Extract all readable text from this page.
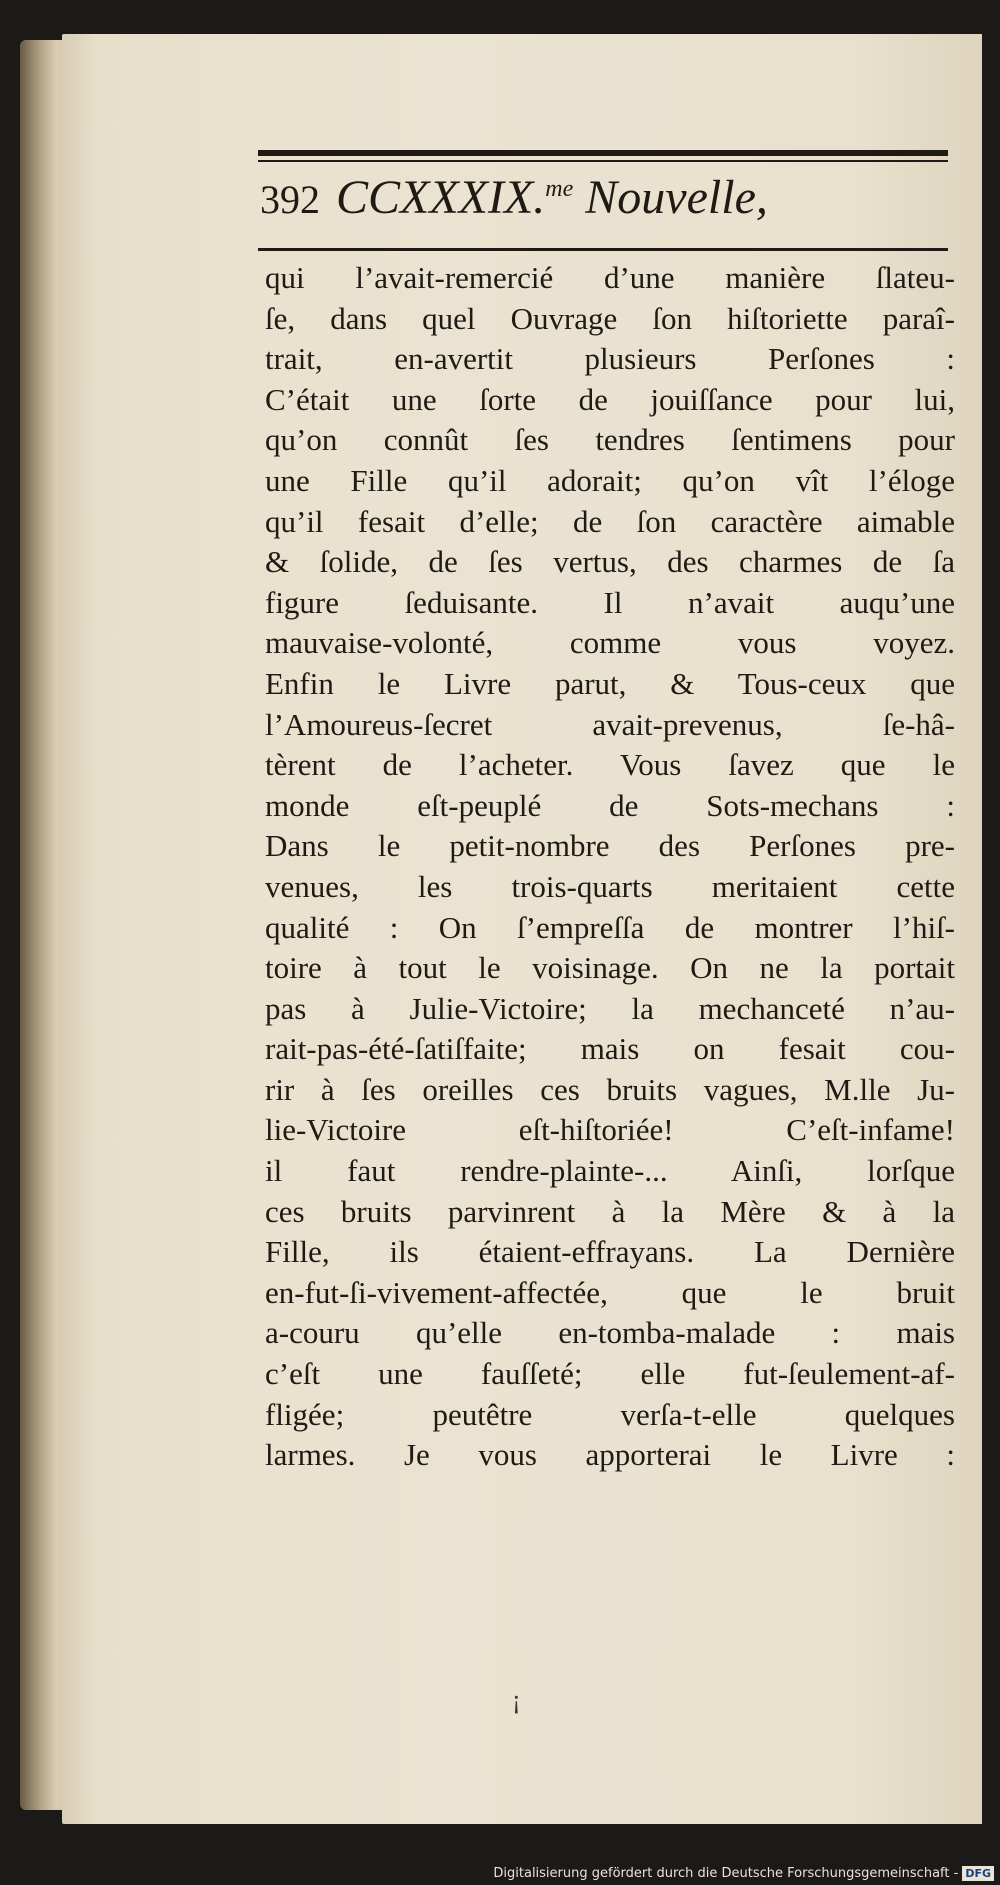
392 CCXXXIX.$^{me}$ Nouvelle,
qui l’avait-remercié d’une manière ſlateu-
ſe, dans quel Ouvrage ſon hiſtoriette paraî-
trait, en-avertit plusieurs Perſones :
C’était une ſorte de jouiſſance pour lui,
qu’on connût ſes tendres ſentimens pour
une Fille qu’il adorait; qu’on vît l’éloge
qu’il fesait d’elle; de ſon caractère aimable
& ſolide, de ſes vertus, des charmes de ſa
figure ſeduisante. Il n’avait auqu’une
mauvaise-volonté, comme vous voyez.
Enfin le Livre parut, & Tous-ceux que
l’Amoureus-ſecret avait-prevenus, ſe-hâ-
tèrent de l’acheter. Vous ſavez que le
monde eſt-peuplé de Sots-mechans :
Dans le petit-nombre des Perſones pre-
venues, les trois-quarts meritaient cette
qualité : On ſ’empreſſa de montrer l’hiſ-
toire à tout le voisinage. On ne la portait
pas à Julie-Victoire; la mechanceté n’au-
rait-pas-été-ſatiſfaite; mais on fesait cou-
rir à ſes oreilles ces bruits vagues, M.lle Ju-
lie-Victoire eſt-hiſtoriée! C’eſt-infame!
il faut rendre-plainte-... Ainſi, lorſque
ces bruits parvinrent à la Mère & à la
Fille, ils étaient-effrayans. La Dernière
en-fut-ſi-vivement-affectée, que le bruit
a-couru qu’elle en-tomba-malade : mais
c’eſt une fauſſeté; elle fut-ſeulement-af-
fligée; peutêtre verſa-t-elle quelques
larmes. Je vous apporterai le Livre :
¡
Digitalisierung gefördert durch die Deutsche Forschungsgemeinschaft - DFG
